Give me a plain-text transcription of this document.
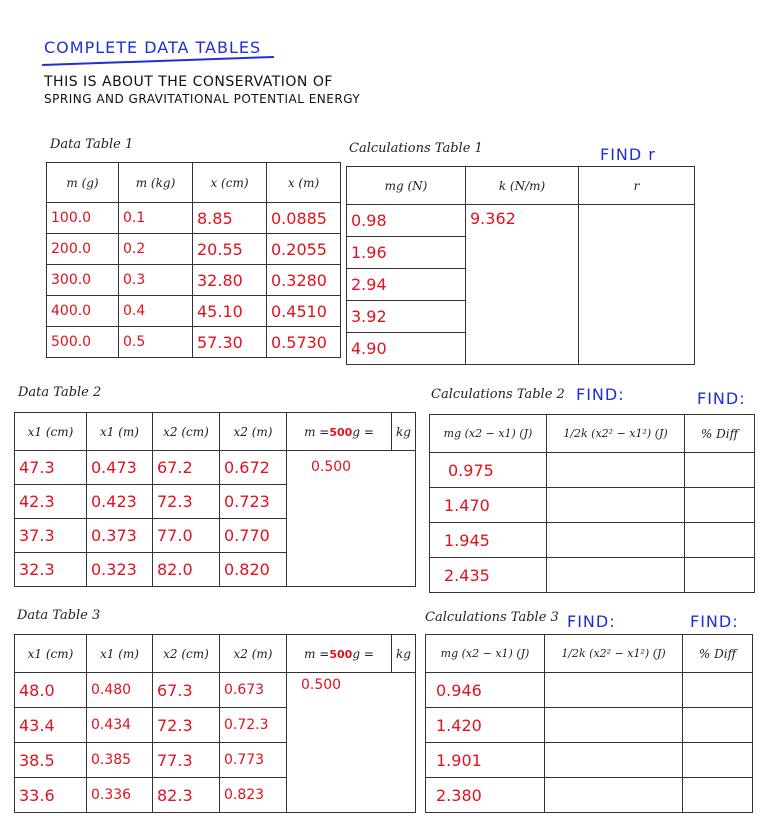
COMPLETE DATA TABLES
THIS IS ABOUT THE CONSERVATION OF
SPRING AND GRAVITATIONAL POTENTIAL ENERGY
Data Table 1
m (g)	m (kg)	x (cm)	x (m)
100.0	0.1	8.85	0.0885
200.0	0.2	20.55	0.2055
300.0	0.3	32.80	0.3280
400.0	0.4	45.10	0.4510
500.0	0.5	57.30	0.5730
Calculations Table 1	FIND r
mg (N)	k (N/m)	r
0.98	9.362	
1.96		
2.94		
3.92		
4.90		
Data Table 2
x1 (cm)	x1 (m)	x2 (cm)	x2 (m)	m =500g =	kg
47.3	0.473	67.2	0.672	0.500	
42.3	0.423	72.3	0.723		
37.3	0.373	77.0	0.770		
32.3	0.323	82.0	0.820		
Calculations Table 2 FIND:	FIND:
mg (x2 − x1) (J)	1/2k (x2² − x1²) (J)	% Diff
0.975		
1.470		
1.945		
2.435		
Data Table 3
x1 (cm)	x1 (m)	x2 (cm)	x2 (m)	m =500g =	kg
48.0	0.480	67.3	0.673	0.500	
43.4	0.434	72.3	0.72.3		
38.5	0.385	77.3	0.773		
33.6	0.336	82.3	0.823		
Calculations Table 3 FIND:	FIND:
mg (x2 − x1) (J)	1/2k (x2² − x1²) (J)	% Diff
0.946		
1.420		
1.901		
2.380		
